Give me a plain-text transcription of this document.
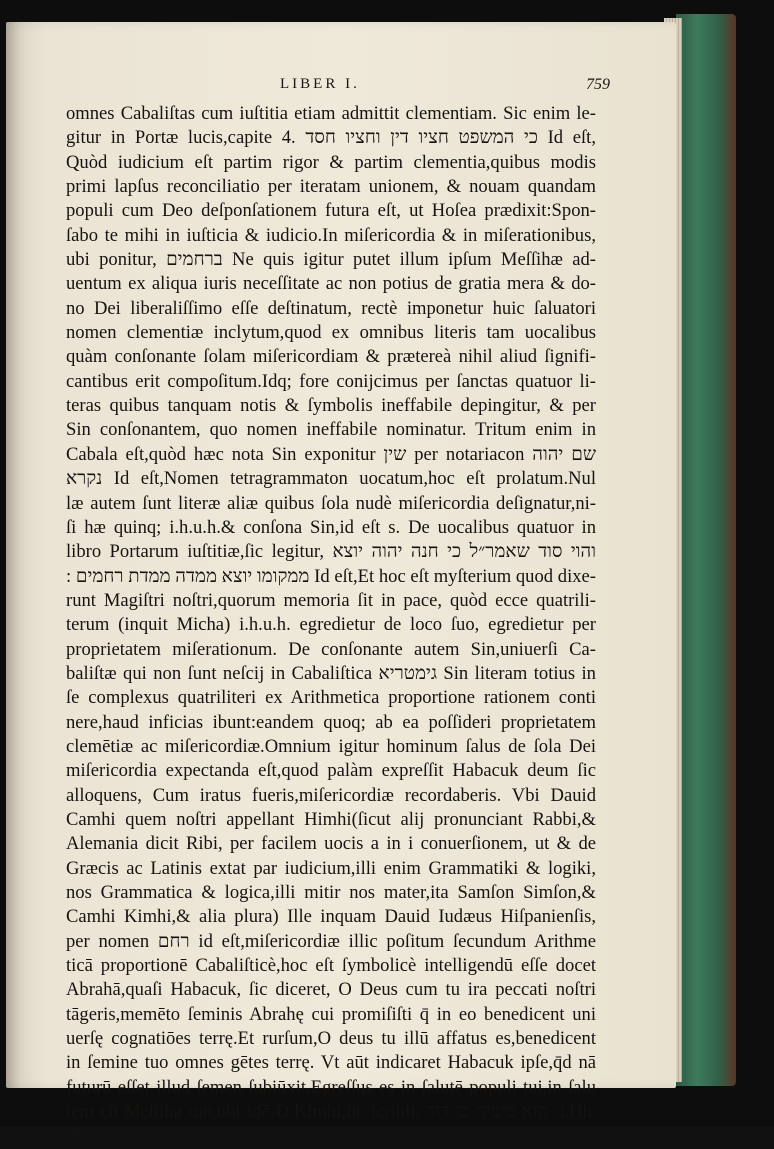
LIBER I.	759
omnes Cabaliſtas cum iuſtitia etiam admittit clementiam. Sic enim le-
gitur in Portæ lucis,capite 4. כי המשפט חציו דין וחציו חסד Id eſt,
Quòd iudicium eſt partim rigor & partim clementia,quibus modis
primi lapſus reconciliatio per iteratam unionem, & nouam quandam
populi cum Deo deſponſationem futura eſt, ut Hoſea prædixit:Spon-
ſabo te mihi in iuſticia & iudicio.In miſericordia & in miſerationibus,
ubi ponitur, ברחמים Ne quis igitur putet illum ipſum Meſſihæ ad-
uentum ex aliqua iuris neceſſitate ac non potius de gratia mera & do-
no Dei liberaliſſimo eſſe deſtinatum, rectè imponetur huic ſaluatori
nomen clementiæ inclytum,quod ex omnibus literis tam uocalibus
quàm conſonante ſolam miſericordiam & prætereà nihil aliud ſignifi-
cantibus erit compoſitum.Idq; fore conijcimus per ſanctas quatuor li-
teras quibus tanquam notis & ſymbolis ineffabile depingitur, & per
Sin conſonantem, quo nomen ineffabile nominatur. Tritum enim in
Cabala eſt,quòd hæc nota Sin exponitur שין per notariacon שם יהוה
נקרא Id eſt,Nomen tetragrammaton uocatum,hoc eſt prolatum.Nul
læ autem ſunt literæ aliæ quibus ſola nudè miſericordia deſignatur,ni-
ſi hæ quinq; i.h.u.h.& conſona Sin,id eſt s. De uocalibus quatuor in
libro Portarum iuſtitiæ,ſic legitur, והוי סוד שאמר״ל כי חנה יהוה יוצא
: ממקומו יוצא ממדה ממדת רחמים Id eſt,Et hoc eſt myſterium quod dixe-
runt Magiſtri noſtri,quorum memoria ſit in pace, quòd ecce quatrili-
terum (inquit Micha) i.h.u.h. egredietur de loco ſuo, egredietur per
proprietatem miſerationum. De conſonante autem Sin,uniuerſi Ca-
baliſtæ qui non ſunt neſcij in Cabaliſtica גימטריא Sin literam totius in
ſe complexus quatriliteri ex Arithmetica proportione rationem conti
nere,haud inficias ibunt:eandem quoq; ab ea poſſideri proprietatem
clemētiæ ac miſericordiæ.Omnium igitur hominum ſalus de ſola Dei
miſericordia expectanda eſt,quod palàm expreſſit Habacuk deum ſic
alloquens, Cum iratus fueris,miſericordiæ recordaberis. Vbi Dauid
Camhi quem noſtri appellant Himhi(ſicut alij pronunciant Rabbi,&
Alemania dicit Ribi, per facilem uocis a in i conuerſionem, ut & de
Græcis ac Latinis extat par iudicium,illi enim Grammatiki & logiki,
nos Grammatica & logica,illi mitir nos mater,ita Samſon Simſon,&
Camhi Kimhi,& alia plura) Ille inquam Dauid Iudæus Hiſpanienſis,
per nomen רחם id eſt,miſericordiæ illic poſitum ſecundum Arithme
ticā proportionē Cabaliſticè,hoc eſt ſymbolicè intelligendū eſſe docet
Abrahā,quaſi Habacuk, ſic diceret, O Deus cum tu ira peccati noſtri
tāgeris,memēto ſeminis Abrahę cui promiſiſti q̄ in eo benedicent uni
uerſę cognatiōes terrę.Et rurſum,O deus tu illū affatus es,benedicent
in ſemine tuo omnes gētes terrę. Vt aūt indicaret Habacuk ipſe,q̄d nā
futurū eſſet illud ſemen ſubiūxit,Egreſſus es in ſalutē populi tui,in ſalu
tem cū Meſſiha tuo,ubi idē D.Kimhi,ſic ſcribit, הוא משיח בן דוד .i.Hic
eſt
